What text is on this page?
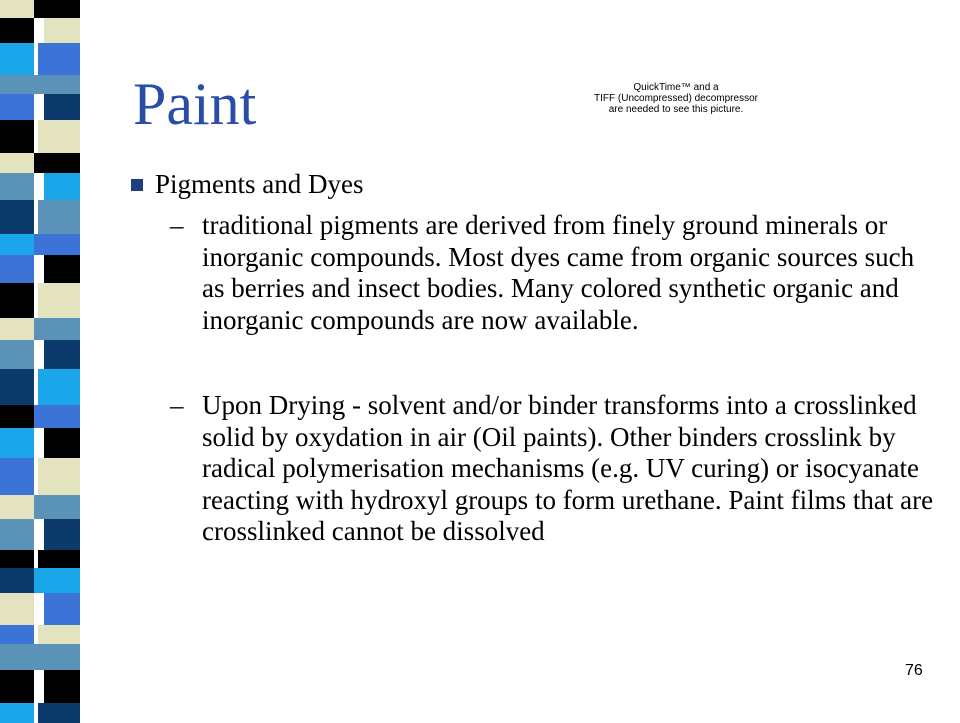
Paint	QuickTime™ and a
TIFF (Uncompressed) decompressor
are needed to see this picture.
Pigments and Dyes
– traditional pigments are derived from finely ground minerals or inorganic compounds. Most dyes came from organic sources such as berries and insect bodies. Many colored synthetic organic and inorganic compounds are now available.
– Upon Drying - solvent and/or binder transforms into a crosslinked solid by oxydation in air (Oil paints). Other binders crosslink by radical polymerisation mechanisms (e.g. UV curing) or isocyanate reacting with hydroxyl groups to form urethane. Paint films that are crosslinked cannot be dissolved
76
